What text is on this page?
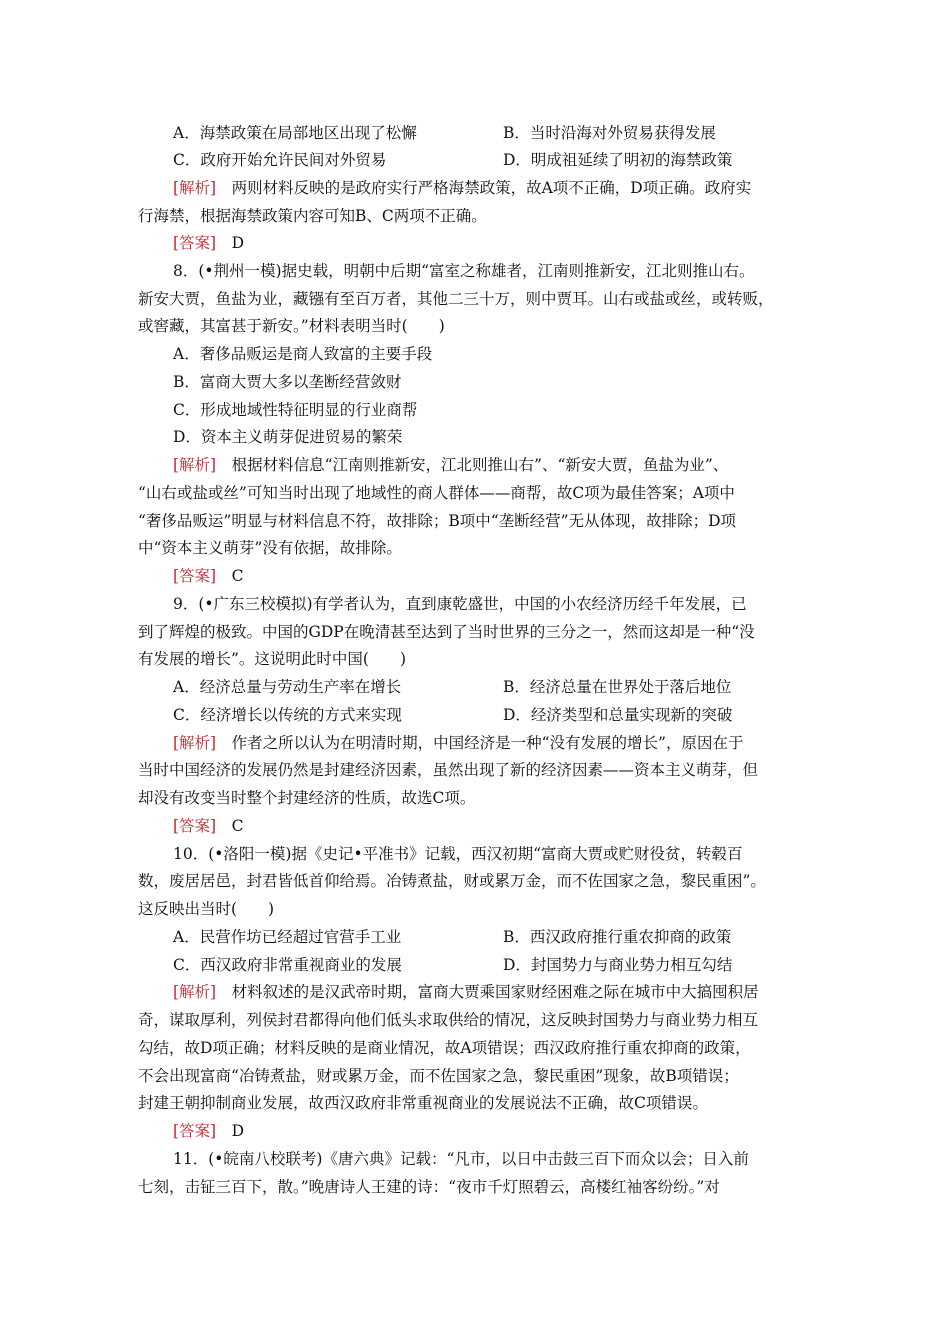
A．海禁政策在局部地区出现了松懈	B．当时沿海对外贸易获得发展
C．政府开始允许民间对外贸易	D．明成祖延续了明初的海禁政策
[解析]　两则材料反映的是政府实行严格海禁政策，故A项不正确，D项正确。政府实
行海禁，根据海禁政策内容可知B、C两项不正确。
[答案]　D
8．(•荆州一模)据史载，明朝中后期“富室之称雄者，江南则推新安，江北则推山右。
新安大贾，鱼盐为业，藏镪有至百万者，其他二三十万，则中贾耳。山右或盐或丝，或转贩，
或窖藏，其富甚于新安。”材料表明当时(　　)
A．奢侈品贩运是商人致富的主要手段
B．富商大贾大多以垄断经营敛财
C．形成地域性特征明显的行业商帮
D．资本主义萌芽促进贸易的繁荣
[解析]　根据材料信息“江南则推新安，江北则推山右”、“新安大贾，鱼盐为业”、
“山右或盐或丝”可知当时出现了地域性的商人群体——商帮，故C项为最佳答案；A项中
“奢侈品贩运”明显与材料信息不符，故排除；B项中“垄断经营”无从体现，故排除；D项
中“资本主义萌芽”没有依据，故排除。
[答案]　C
9．(•广东三校模拟)有学者认为，直到康乾盛世，中国的小农经济历经千年发展，已
到了辉煌的极致。中国的GDP在晚清甚至达到了当时世界的三分之一，然而这却是一种“没
有发展的增长”。这说明此时中国(　　)
A．经济总量与劳动生产率在增长	B．经济总量在世界处于落后地位
C．经济增长以传统的方式来实现	D．经济类型和总量实现新的突破
[解析]　作者之所以认为在明清时期，中国经济是一种“没有发展的增长”，原因在于
当时中国经济的发展仍然是封建经济因素，虽然出现了新的经济因素——资本主义萌芽，但
却没有改变当时整个封建经济的性质，故选C项。
[答案]　C
10．(•洛阳一模)据《史记•平准书》记载，西汉初期“富商大贾或贮财役贫，转毂百
数，废居居邑，封君皆低首仰给焉。冶铸煮盐，财或累万金，而不佐国家之急，黎民重困”。
这反映出当时(　　)
A．民营作坊已经超过官营手工业	B．西汉政府推行重农抑商的政策
C．西汉政府非常重视商业的发展	D．封国势力与商业势力相互勾结
[解析]　材料叙述的是汉武帝时期，富商大贾乘国家财经困难之际在城市中大搞囤积居
奇，谋取厚利，列侯封君都得向他们低头求取供给的情况，这反映封国势力与商业势力相互
勾结，故D项正确；材料反映的是商业情况，故A项错误；西汉政府推行重农抑商的政策，
不会出现富商“冶铸煮盐，财或累万金，而不佐国家之急，黎民重困”现象，故B项错误；
封建王朝抑制商业发展，故西汉政府非常重视商业的发展说法不正确，故C项错误。
[答案]　D
11．(•皖南八校联考)《唐六典》记载：“凡市，以日中击鼓三百下而众以会；日入前
七刻，击钲三百下，散。”晚唐诗人王建的诗：“夜市千灯照碧云，高楼红袖客纷纷。”对
